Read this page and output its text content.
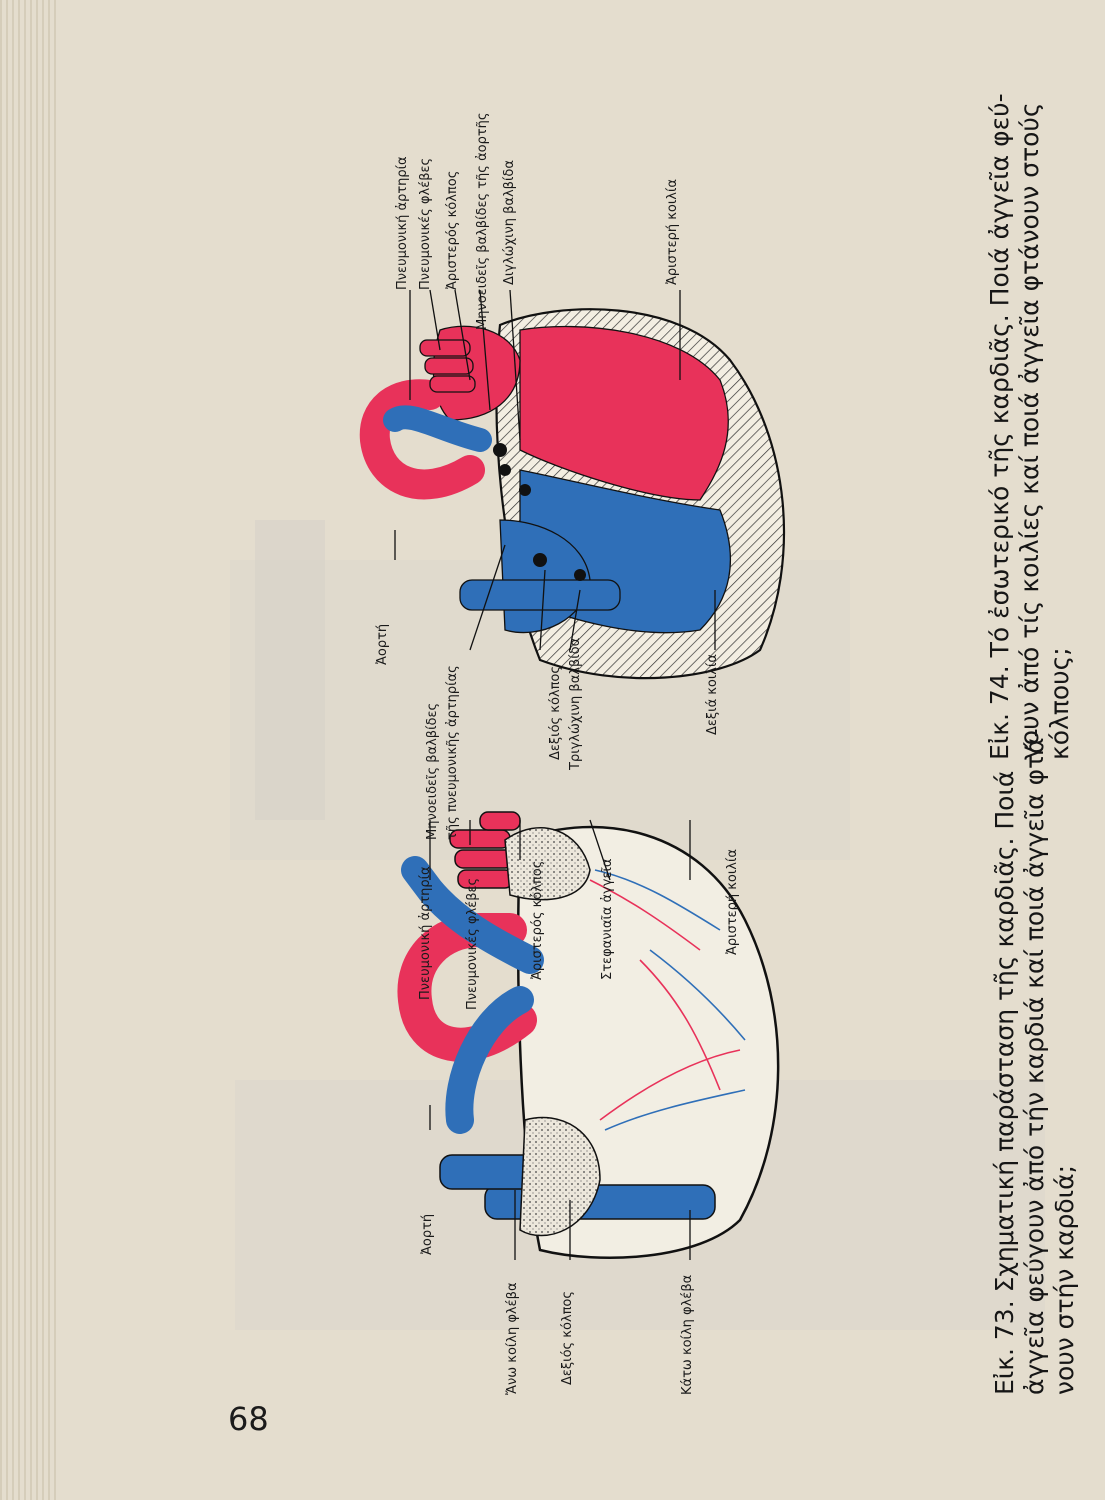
Ἀορτή
Ἄνω κοίλη φλέβα	Δεξιός κόλπος	Κάτω κοίλη φλέβα
Πνευμονική ἀρτηρία Πνευμονικές φλέβες	Ἀριστερός κόλπος	Στεφανιαῖα ἀγγεῖα	Ἀριστερή κοιλία
Μηνοειδεῖς βαλβίδες τῆς πνευμονικῆς ἀρτηρίας
Ἀορτή
Δεξιός κόλπος Τριγλώχινη βαλβίδα	Δεξιά κοιλία
Πνευμονική ἀρτηρία Πνευμονικές φλέβες Ἀριστερός κόλπος Μηνοειδεῖς βαλβίδες τῆς ἀορτῆς Διγλώχινη βαλβίδα	Ἀριστερή κοιλία
Εἰκ. 73. Σχηματική παράσταση τῆς καρδιᾶς. Ποιά ἀγγεῖα φεύγουν ἀπό τήν καρδιά καί ποιά ἀγγεῖα φτά- νουν στήν καρδιά;
Εἰκ. 74. Τό ἐσωτερικό τῆς καρδιᾶς. Ποιά ἀγγεῖα φεύ- γουν ἀπό τίς κοιλίες καί ποιά ἀγγεῖα φτάνουν στούς κόλπους;
68
